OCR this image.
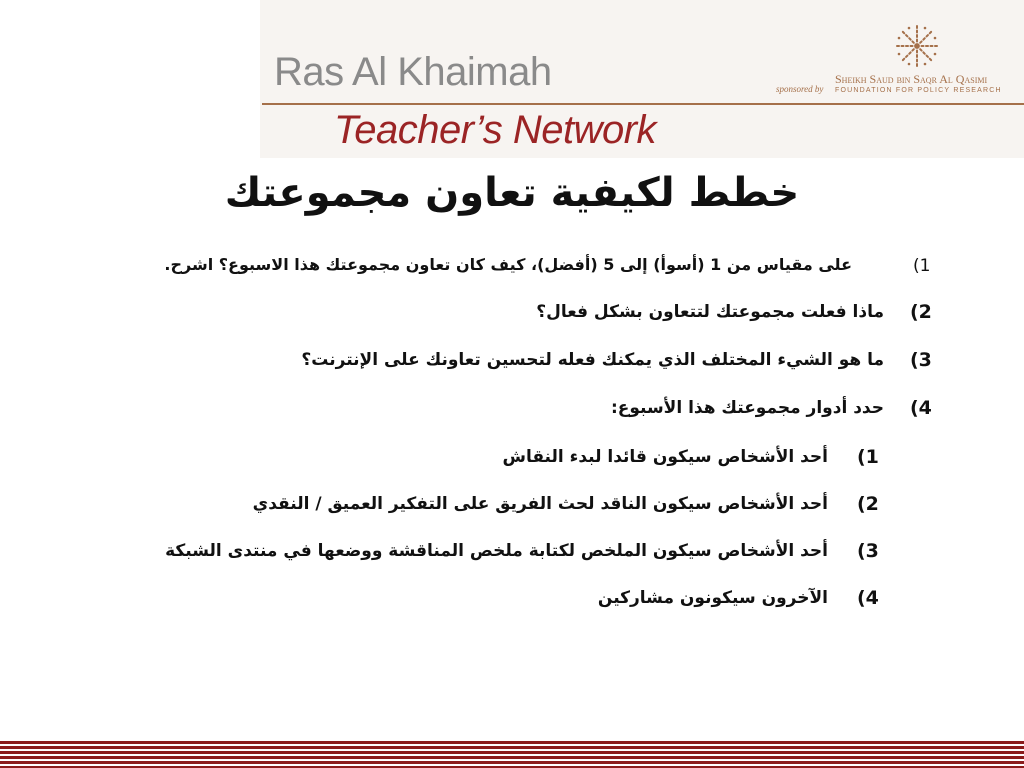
Ras Al Khaimah
Teacher’s Network
sponsored by
Sheikh Saud bin Saqr Al Qasimi
FOUNDATION FOR POLICY RESEARCH
خطط لكيفية تعاون مجموعتك
على مقياس من 1 (أسوأ) إلى 5 (أفضل)، كيف كان تعاون مجموعتك هذا الاسبوع؟ اشرح.	(1
ماذا فعلت مجموعتك لتتعاون بشكل فعال؟ (2
ما هو الشيء المختلف الذي يمكنك فعله لتحسين تعاونك على الإنترنت؟ (3
حدد أدوار مجموعتك هذا الأسبوع: (4
أحد الأشخاص سيكون قائدا لبدء النقاش (1
أحد الأشخاص سيكون الناقد لحث الفريق على التفكير العميق / النقدي (2
أحد الأشخاص سيكون الملخص لكتابة ملخص المناقشة ووضعها في منتدى الشبكة (3
الآخرون سيكونون مشاركين (4
